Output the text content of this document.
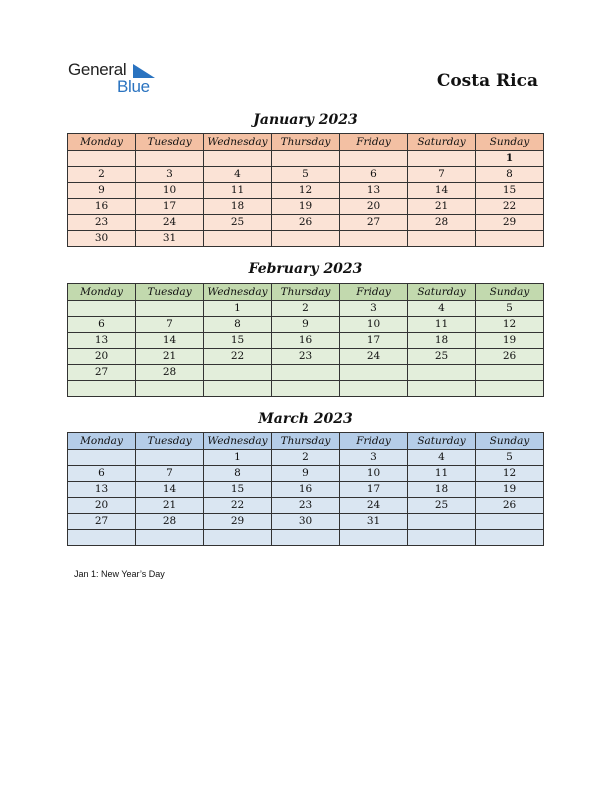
General
Blue	Costa Rica
January 2023
Monday	Tuesday	Wednesday	Thursday	Friday	Saturday	Sunday
						1
2	3	4	5	6	7	8
9	10	11	12	13	14	15
16	17	18	19	20	21	22
23	24	25	26	27	28	29
30	31					
February 2023
Monday	Tuesday	Wednesday	Thursday	Friday	Saturday	Sunday
		1	2	3	4	5
6	7	8	9	10	11	12
13	14	15	16	17	18	19
20	21	22	23	24	25	26
27	28					

March 2023
Monday	Tuesday	Wednesday	Thursday	Friday	Saturday	Sunday
		1	2	3	4	5
6	7	8	9	10	11	12
13	14	15	16	17	18	19
20	21	22	23	24	25	26
27	28	29	30	31		

Jan 1: New Year’s Day
